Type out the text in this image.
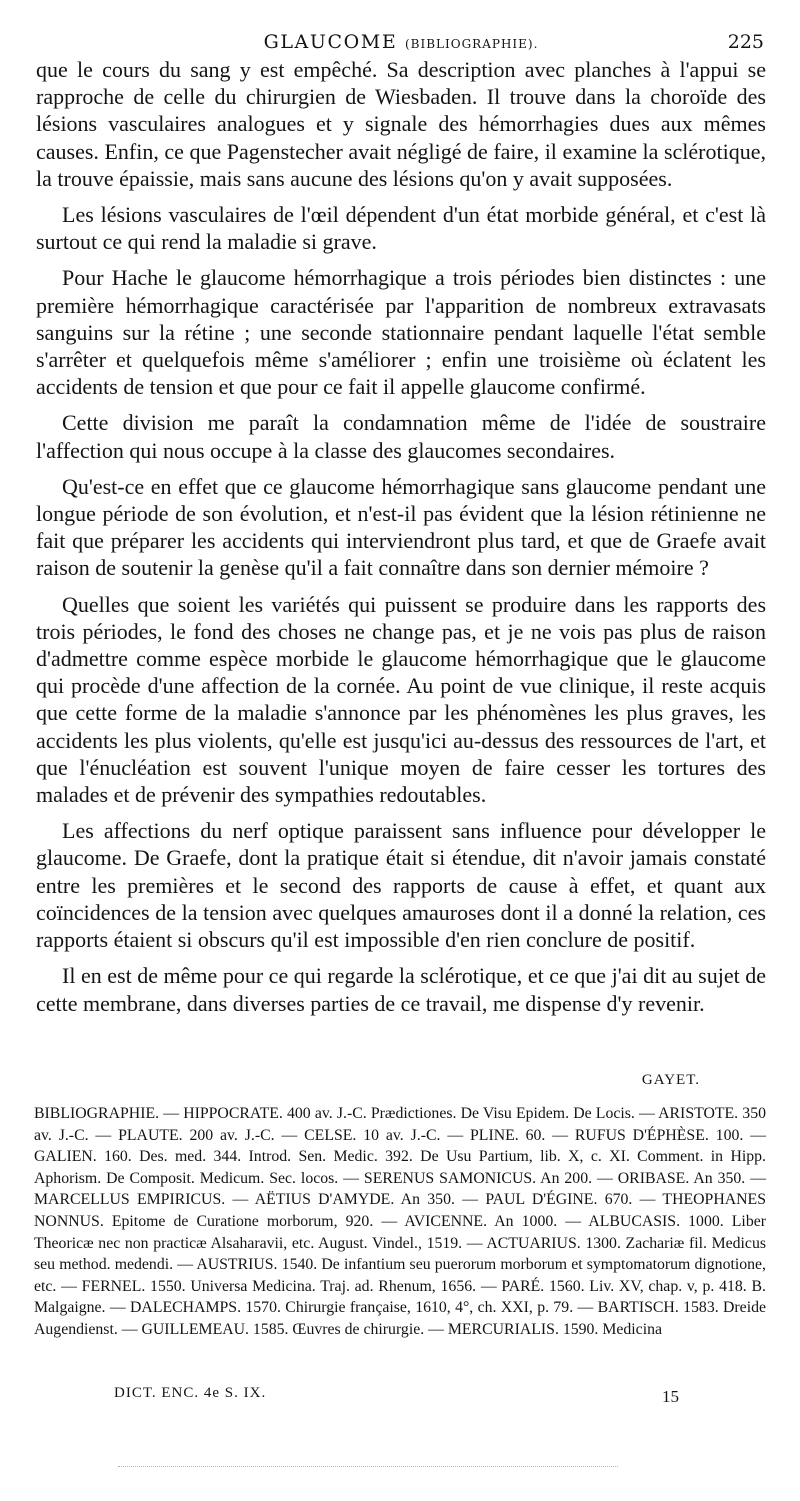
GLAUCOME (BIBLIOGRAPHIE).	225

que le cours du sang y est empêché. Sa description avec planches à l'appui se rapproche de celle du chirurgien de Wiesbaden. Il trouve dans la choroïde des lésions vasculaires analogues et y signale des hémorrhagies dues aux mêmes causes. Enfin, ce que Pagenstecher avait négligé de faire, il examine la sclérotique, la trouve épaissie, mais sans aucune des lésions qu'on y avait supposées.

Les lésions vasculaires de l'œil dépendent d'un état morbide général, et c'est là surtout ce qui rend la maladie si grave.

Pour Hache le glaucome hémorrhagique a trois périodes bien distinctes : une première hémorrhagique caractérisée par l'apparition de nombreux extravasats sanguins sur la rétine ; une seconde stationnaire pendant laquelle l'état semble s'arrêter et quelquefois même s'améliorer ; enfin une troisième où éclatent les accidents de tension et que pour ce fait il appelle glaucome confirmé.

Cette division me paraît la condamnation même de l'idée de soustraire l'affection qui nous occupe à la classe des glaucomes secondaires.

Qu'est-ce en effet que ce glaucome hémorrhagique sans glaucome pendant une longue période de son évolution, et n'est-il pas évident que la lésion rétinienne ne fait que préparer les accidents qui interviendront plus tard, et que de Graefe avait raison de soutenir la genèse qu'il a fait connaître dans son dernier mémoire ?

Quelles que soient les variétés qui puissent se produire dans les rapports des trois périodes, le fond des choses ne change pas, et je ne vois pas plus de raison d'admettre comme espèce morbide le glaucome hémorrhagique que le glaucome qui procède d'une affection de la cornée. Au point de vue clinique, il reste acquis que cette forme de la maladie s'annonce par les phénomènes les plus graves, les accidents les plus violents, qu'elle est jusqu'ici au-dessus des ressources de l'art, et que l'énucléation est souvent l'unique moyen de faire cesser les tortures des malades et de prévenir des sympathies redoutables.

Les affections du nerf optique paraissent sans influence pour développer le glaucome. De Graefe, dont la pratique était si étendue, dit n'avoir jamais constaté entre les premières et le second des rapports de cause à effet, et quant aux coïncidences de la tension avec quelques amauroses dont il a donné la relation, ces rapports étaient si obscurs qu'il est impossible d'en rien conclure de positif.

Il en est de même pour ce qui regarde la sclérotique, et ce que j'ai dit au sujet de cette membrane, dans diverses parties de ce travail, me dispense d'y revenir.

GAYET.

BIBLIOGRAPHIE. — HIPPOCRATE. 400 av. J.-C. Prædictiones. De Visu Epidem. De Locis. — ARISTOTE. 350 av. J.-C. — PLAUTE. 200 av. J.-C. — CELSE. 10 av. J.-C. — PLINE. 60. — RUFUS D'ÉPHÈSE. 100. — GALIEN. 160. Des. med. 344. Introd. Sen. Medic. 392. De Usu Partium, lib. X, c. XI. Comment. in Hipp. Aphorism. De Composit. Medicum. Sec. locos. — SERENUS SAMONICUS. An 200. — ORIBASE. An 350. — MARCELLUS EMPIRICUS. — AËTIUS D'AMYDE. An 350. — PAUL D'ÉGINE. 670. — THEOPHANES NONNUS. Epitome de Curatione morborum, 920. — AVICENNE. An 1000. — ALBUCASIS. 1000. Liber Theoricæ nec non practicæ Alsaharavii, etc. August. Vindel., 1519. — ACTUARIUS. 1300. Zachariæ fil. Medicus seu method. medendi. — AUSTRIUS. 1540. De infantium seu puerorum morborum et symptomatorum dignotione, etc. — FERNEL. 1550. Universa Medicina. Traj. ad. Rhenum, 1656. — PARÉ. 1560. Liv. XV, chap. v, p. 418. B. Malgaigne. — DALECHAMPS. 1570. Chirurgie française, 1610, 4°, ch. XXI, p. 79. — BARTISCH. 1583. Dreide Augendienst. — GUILLEMEAU. 1585. Œuvres de chirurgie. — MERCURIALIS. 1590. Medicina

DICT. ENC. 4e S. IX.	15
